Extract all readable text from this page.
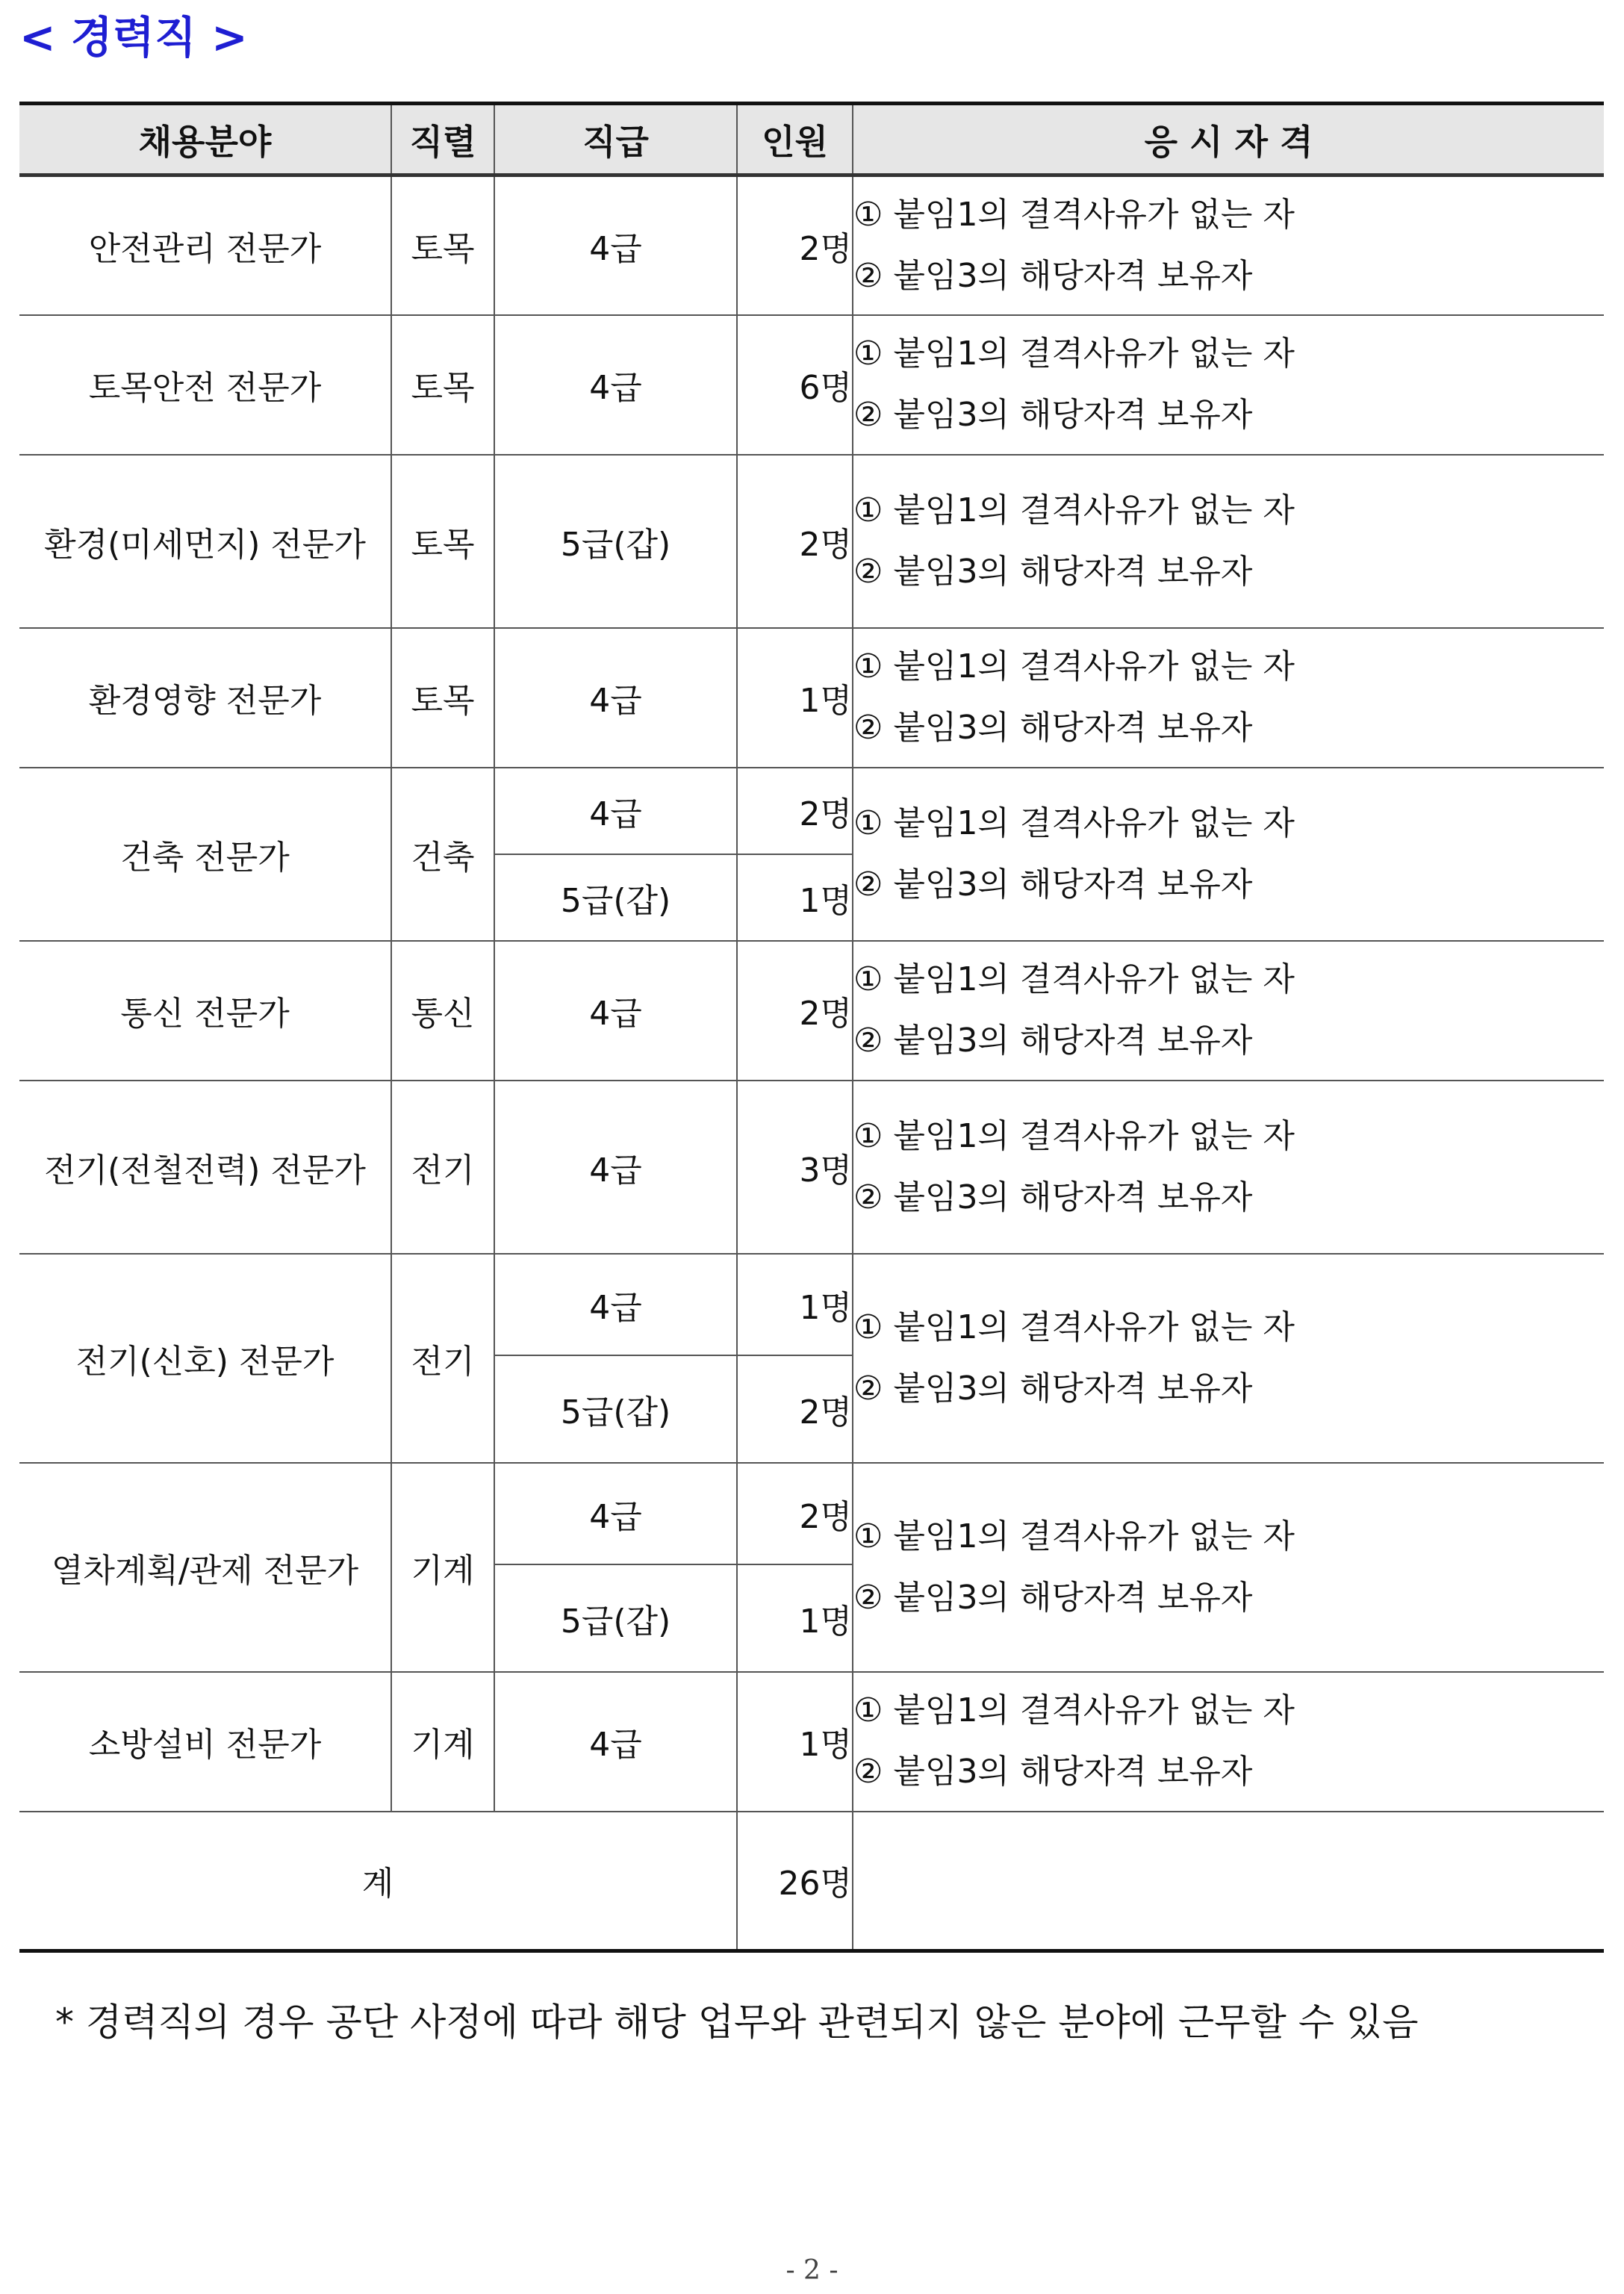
< 경력직 >
채용분야	직렬	직급	인원	응 시 자 격
안전관리 전문가	토목	4급	2명	① 붙임1의 결격사유가 없는 자
② 붙임3의 해당자격 보유자

토목안전 전문가	토목	4급	6명	① 붙임1의 결격사유가 없는 자
② 붙임3의 해당자격 보유자

환경(미세먼지) 전문가	토목	5급(갑)	2명	① 붙임1의 결격사유가 없는 자
② 붙임3의 해당자격 보유자

환경영향 전문가	토목	4급	1명	① 붙임1의 결격사유가 없는 자
② 붙임3의 해당자격 보유자

건축 전문가	건축	4급	2명	① 붙임1의 결격사유가 없는 자
② 붙임3의 해당자격 보유자

		5급(갑)	1명	
통신 전문가	통신	4급	2명	① 붙임1의 결격사유가 없는 자
② 붙임3의 해당자격 보유자

전기(전철전력) 전문가	전기	4급	3명	① 붙임1의 결격사유가 없는 자
② 붙임3의 해당자격 보유자

전기(신호) 전문가	전기	4급	1명	① 붙임1의 결격사유가 없는 자
② 붙임3의 해당자격 보유자

		5급(갑)	2명	
열차계획/관제 전문가	기계	4급	2명	① 붙임1의 결격사유가 없는 자
② 붙임3의 해당자격 보유자

		5급(갑)	1명	
소방설비 전문가	기계	4급	1명	① 붙임1의 결격사유가 없는 자
② 붙임3의 해당자격 보유자

계			26명	

* 경력직의 경우 공단 사정에 따라 해당 업무와 관련되지 않은 분야에 근무할 수 있음

- 2 -
